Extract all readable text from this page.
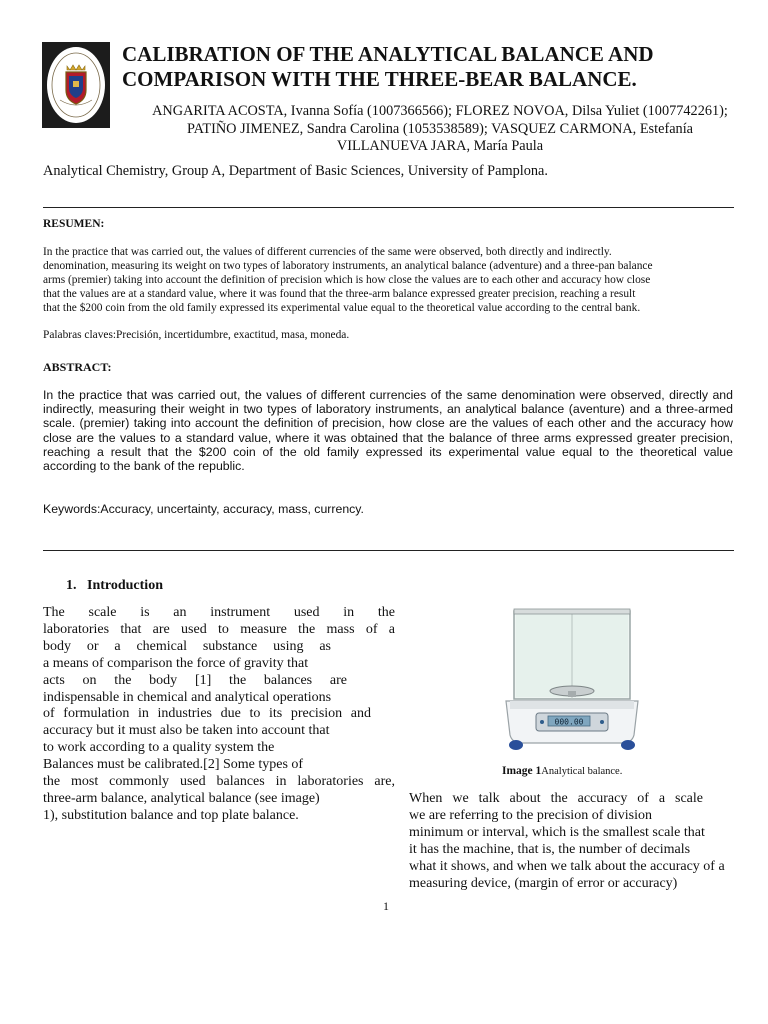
CALIBRATION OF THE ANALYTICAL BALANCE AND
COMPARISON WITH THE THREE-BEAR BALANCE.
ANGARITA ACOSTA, Ivanna Sofía (1007366566); FLOREZ NOVOA, Dilsa Yuliet (1007742261);
PATIÑO JIMENEZ, Sandra Carolina (1053538589); VASQUEZ CARMONA, Estefanía
VILLANUEVA JARA, María Paula
Analytical Chemistry, Group A, Department of Basic Sciences, University of Pamplona.
RESUMEN:
In the practice that was carried out, the values of different currencies of the same were observed, both directly and indirectly.
denomination, measuring its weight on two types of laboratory instruments, an analytical balance (adventure) and a three-pan balance
arms (premier) taking into account the definition of precision which is how close the values are to each other and accuracy how close
that the values are at a standard value, where it was found that the three-arm balance expressed greater precision, reaching a result
that the $200 coin from the old family expressed its experimental value equal to the theoretical value according to the central bank.
Palabras claves:Precisión, incertidumbre, exactitud, masa, moneda.
ABSTRACT:
In the practice that was carried out, the values of different currencies of the same denomination were observed, directly and
indirectly, measuring their weight in two types of laboratory instruments, an analytical balance (aventure) and a three-armed
scale. (premier) taking into account the definition of precision, how close are the values of each other and the accuracy how
close are the values to a standard value, where it was obtained that the balance of three arms expressed greater precision,
reaching a result that the $200 coin of the old family expressed its experimental value equal to the theoretical value
according to the bank of the republic.
Keywords:Accuracy, uncertainty, accuracy, mass, currency.
1. Introduction
The scale is an instrument used in the
laboratories that are used to measure the mass of a
body or a chemical substance using as
a means of comparison the force of gravity that
acts on the body [1] the balances are
indispensable in chemical and analytical operations
of formulation in industries due to its precision and
accuracy but it must also be taken into account that
to work according to a quality system the
Balances must be calibrated.[2] Some types of
the most commonly used balances in laboratories are,
three-arm balance, analytical balance (see image)
1), substitution balance and top plate balance.
000.00
Image 1Analytical balance.
When we talk about the accuracy of a scale
we are referring to the precision of division
minimum or interval, which is the smallest scale that
it has the machine, that is, the number of decimals
what it shows, and when we talk about the accuracy of a
measuring device, (margin of error or accuracy)
1
